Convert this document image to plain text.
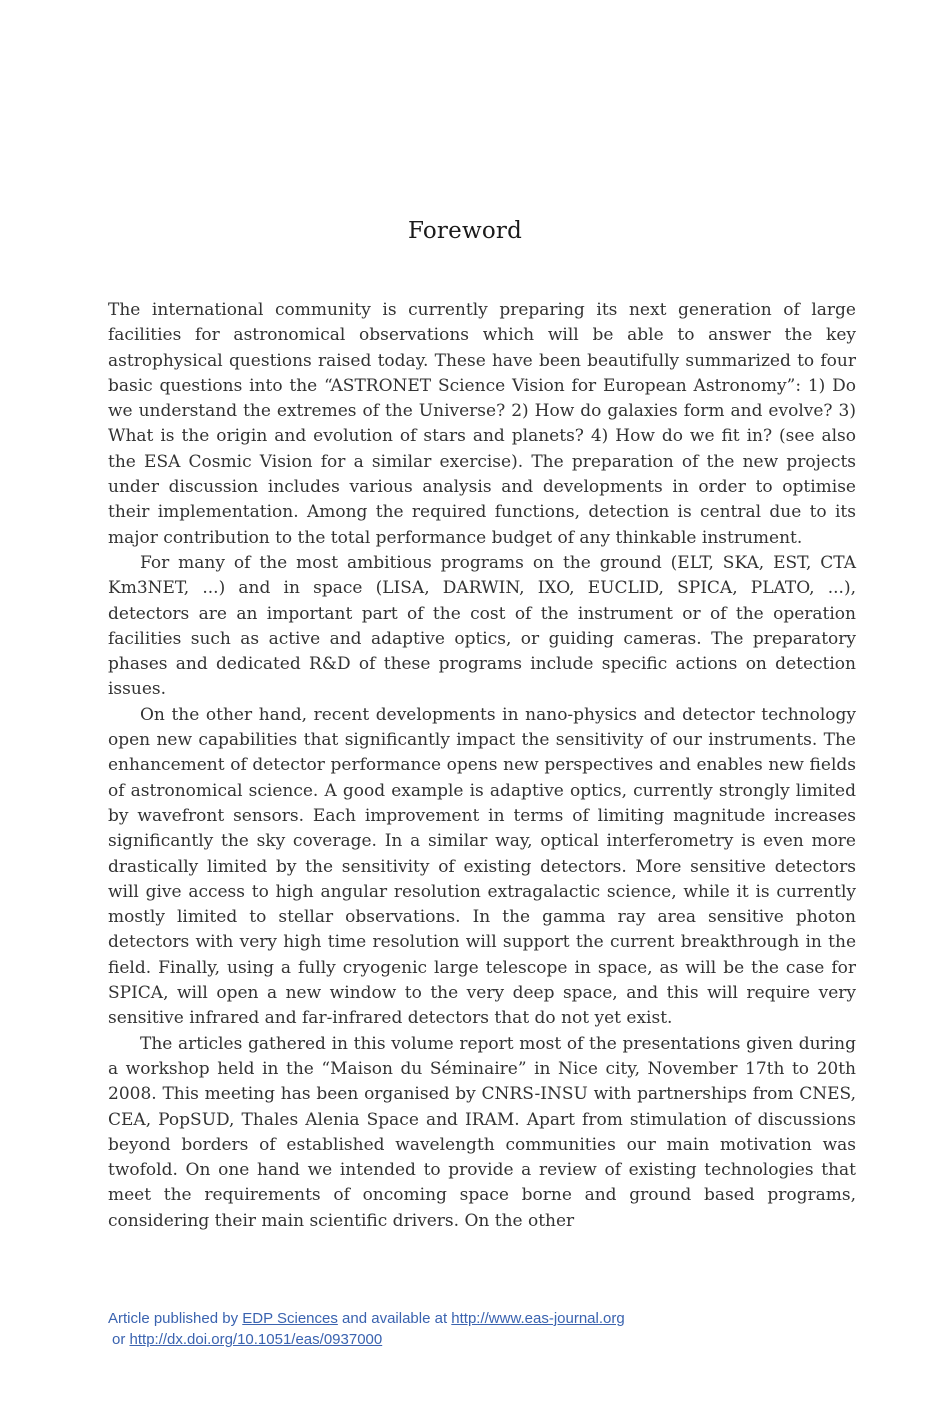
Foreword

The international community is currently preparing its next generation of large facilities for astronomical observations which will be able to answer the key astrophysical questions raised today. These have been beautifully summarized to four basic questions into the “ASTRONET Science Vision for European Astronomy”: 1) Do we understand the extremes of the Universe? 2) How do galaxies form and evolve? 3) What is the origin and evolution of stars and planets? 4) How do we fit in? (see also the ESA Cosmic Vision for a similar exercise). The preparation of the new projects under discussion includes various analysis and developments in order to optimise their implementation. Among the required functions, detection is central due to its major contribution to the total performance budget of any thinkable instrument.

For many of the most ambitious programs on the ground (ELT, SKA, EST, CTA Km3NET, ...) and in space (LISA, DARWIN, IXO, EUCLID, SPICA, PLATO, ...), detectors are an important part of the cost of the instrument or of the operation facilities such as active and adaptive optics, or guiding cameras. The preparatory phases and dedicated R&D of these programs include specific actions on detection issues.

On the other hand, recent developments in nano-physics and detector technology open new capabilities that significantly impact the sensitivity of our instruments. The enhancement of detector performance opens new perspectives and enables new fields of astronomical science. A good example is adaptive optics, currently strongly limited by wavefront sensors. Each improvement in terms of limiting magnitude increases significantly the sky coverage. In a similar way, optical interferometry is even more drastically limited by the sensitivity of existing detectors. More sensitive detectors will give access to high angular resolution extragalactic science, while it is currently mostly limited to stellar observations. In the gamma ray area sensitive photon detectors with very high time resolution will support the current breakthrough in the field. Finally, using a fully cryogenic large telescope in space, as will be the case for SPICA, will open a new window to the very deep space, and this will require very sensitive infrared and far-infrared detectors that do not yet exist.

The articles gathered in this volume report most of the presentations given during a workshop held in the “Maison du Séminaire” in Nice city, November 17th to 20th 2008. This meeting has been organised by CNRS-INSU with partnerships from CNES, CEA, PopSUD, Thales Alenia Space and IRAM. Apart from stimulation of discussions beyond borders of established wavelength communities our main motivation was twofold. On one hand we intended to provide a review of existing technologies that meet the requirements of oncoming space borne and ground based programs, considering their main scientific drivers. On the other

Article published by EDP Sciences and available at http://www.eas-journal.org
or http://dx.doi.org/10.1051/eas/0937000
